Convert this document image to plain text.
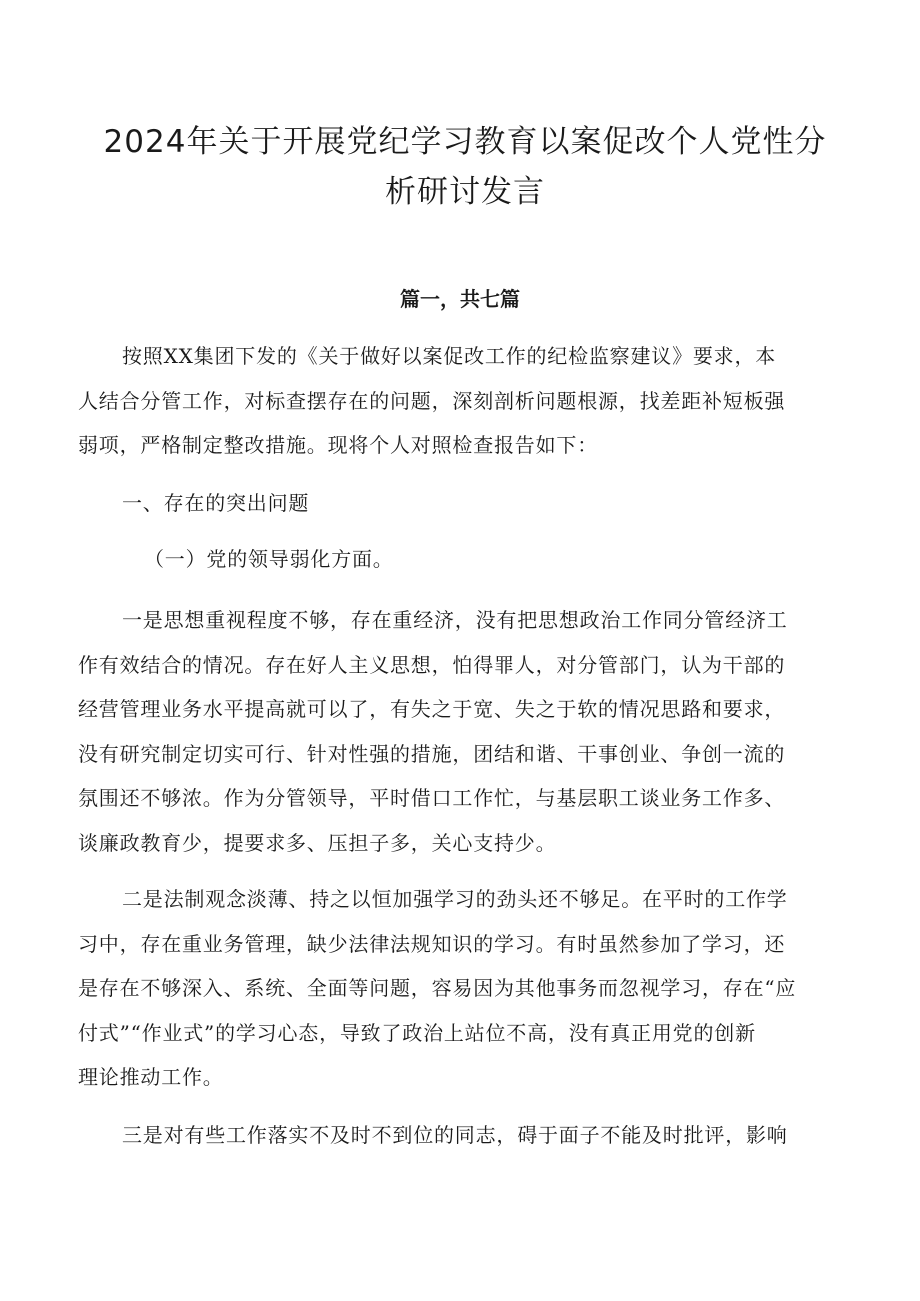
2024年关于开展党纪学习教育以案促改个人党性分
析研讨发言
篇一，共七篇

按照XX集团下发的《关于做好以案促改工作的纪检监察建议》要求，本
人结合分管工作，对标查摆存在的问题，深刻剖析问题根源，找差距补短板强
弱项，严格制定整改措施。现将个人对照检查报告如下：

一、存在的突出问题

（一）党的领导弱化方面。

一是思想重视程度不够，存在重经济，没有把思想政治工作同分管经济工
作有效结合的情况。存在好人主义思想，怕得罪人，对分管部门，认为干部的
经营管理业务水平提高就可以了，有失之于宽、失之于软的情况思路和要求，
没有研究制定切实可行、针对性强的措施，团结和谐、干事创业、争创一流的
氛围还不够浓。作为分管领导，平时借口工作忙，与基层职工谈业务工作多、
谈廉政教育少，提要求多、压担子多，关心支持少。

二是法制观念淡薄、持之以恒加强学习的劲头还不够足。在平时的工作学
习中，存在重业务管理，缺少法律法规知识的学习。有时虽然参加了学习，还
是存在不够深入、系统、全面等问题，容易因为其他事务而忽视学习，存在“应
付式”“作业式”的学习心态，导致了政治上站位不高，没有真正用党的创新
理论推动工作。

三是对有些工作落实不及时不到位的同志，碍于面子不能及时批评，影响
